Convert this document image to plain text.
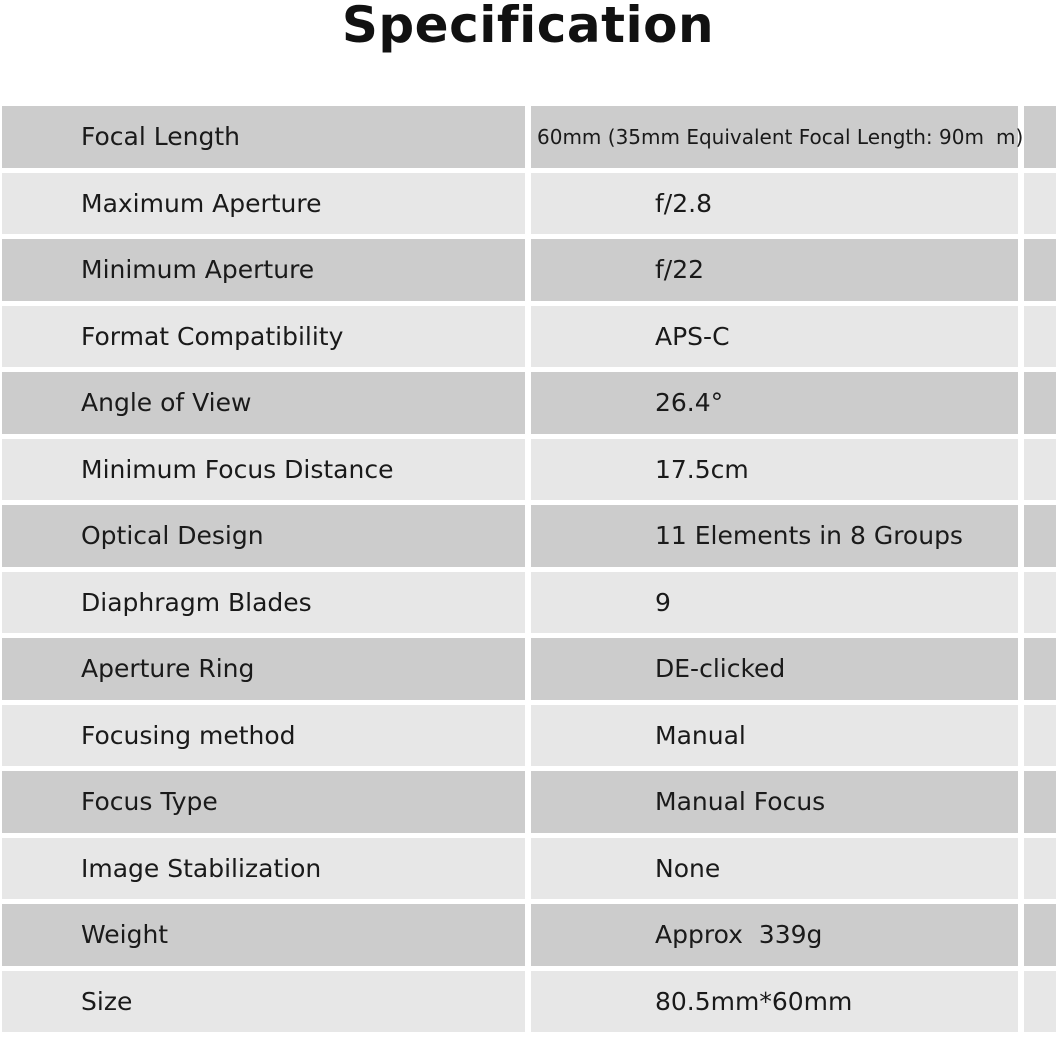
Specification
Focal Length	60mm (35mm Equivalent Focal Length: 90m m)
Maximum Aperture	f/2.8
Minimum Aperture	f/22
Format Compatibility	APS-C
Angle of View	26.4°
Minimum Focus Distance	17.5cm
Optical Design	11 Elements in 8 Groups
Diaphragm Blades	9
Aperture Ring	DE-clicked
Focusing method	Manual
Focus Type	Manual Focus
Image Stabilization	None
Weight	Approx  339g
Size	80.5mm*60mm
